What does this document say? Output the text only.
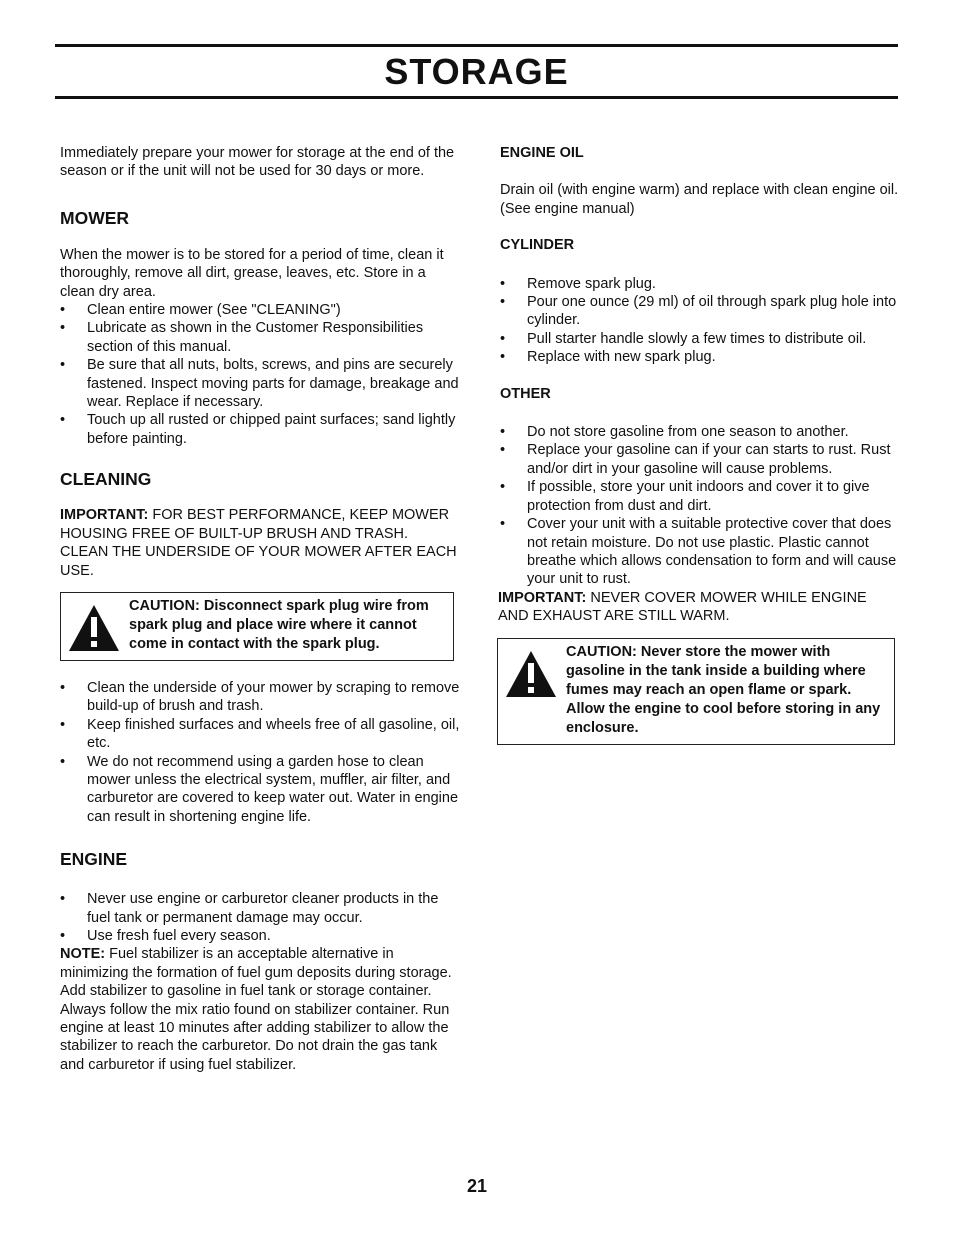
STORAGE

Immediately prepare your mower for storage at the end of the season or if the unit will not be used for 30 days or more.

MOWER

When the mower is to be stored for a period of time, clean it thoroughly, remove all dirt, grease, leaves, etc. Store in a clean dry area.

• Clean entire mower (See "CLEANING")
• Lubricate as shown in the Customer Responsibilities section of this manual.
• Be sure that all nuts, bolts, screws, and pins are securely fastened. Inspect moving parts for damage, breakage and wear. Replace if necessary.
• Touch up all rusted or chipped paint surfaces; sand lightly before painting.
CLEANING

IMPORTANT: FOR BEST PERFORMANCE, KEEP MOWER HOUSING FREE OF BUILT-UP BRUSH AND TRASH. CLEAN THE UNDERSIDE OF YOUR MOWER AFTER EACH USE.

CAUTION: Disconnect spark plug wire from spark plug and place wire where it cannot come in contact with the spark plug.
• Clean the underside of your mower by scraping to remove build-up of brush and trash.
• Keep finished surfaces and wheels free of all gasoline, oil, etc.
• We do not recommend using a garden hose to clean mower unless the electrical system, muffler, air filter, and carburetor are covered to keep water out. Water in engine can result in shortening engine life.
ENGINE
• Never use engine or carburetor cleaner products in the fuel tank or permanent damage may occur.
• Use fresh fuel every season.

NOTE: Fuel stabilizer is an acceptable alternative in minimizing the formation of fuel gum deposits during storage. Add stabilizer to gasoline in fuel tank or storage container. Always follow the mix ratio found on stabilizer container. Run engine at least 10 minutes after adding stabilizer to allow the stabilizer to reach the carburetor. Do not drain the gas tank and carburetor if using fuel stabilizer.

ENGINE OIL

Drain oil (with engine warm) and replace with clean engine oil. (See engine manual)

CYLINDER
• Remove spark plug.
• Pour one ounce (29 ml) of oil through spark plug hole into cylinder.
• Pull starter handle slowly a few times to distribute oil.
• Replace with new spark plug.
OTHER
• Do not store gasoline from one season to another.
• Replace your gasoline can if your can starts to rust. Rust and/or dirt in your gasoline will cause problems.
• If possible, store your unit indoors and cover it to give protection from dust and dirt.
• Cover your unit with a suitable protective cover that does not retain moisture. Do not use plastic. Plastic cannot breathe which allows condensation to form and will cause your unit to rust.

IMPORTANT: NEVER COVER MOWER WHILE ENGINE AND EXHAUST ARE STILL WARM.

CAUTION: Never store the mower with gasoline in the tank inside a building where fumes may reach an open flame or spark. Allow the engine to cool before storing in any enclosure.
21
